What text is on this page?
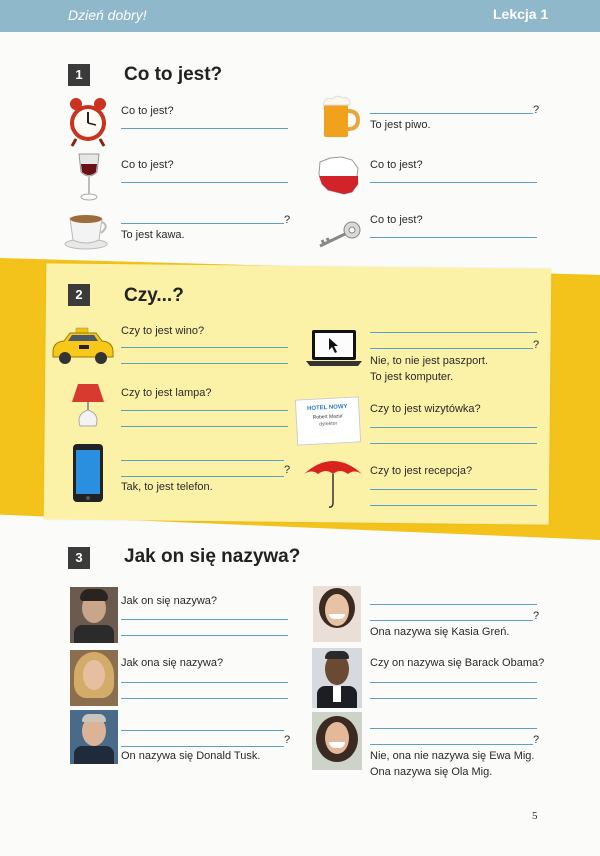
Dzień dobry!	Lekcja 1
1	Co to jest?
Co to jest?
Co to jest?
?
To jest kawa.
?
To jest piwo.
Co to jest?
Co to jest?
2	Czy...?
Czy to jest wino?
Czy to jest lampa?
?
Tak, to jest telefon.
?
Nie, to nie jest paszport.
To jest komputer.
HOTEL NOWY
Robert Mazur
dyrektor
Czy to jest wizytówka?
Czy to jest recepcja?
3	Jak on się nazywa?
Jak on się nazywa?
Jak ona się nazywa?
?
On nazywa się Donald Tusk.
?
Ona nazywa się Kasia Greń.
Czy on nazywa się Barack Obama?
?
Nie, ona nie nazywa się Ewa Mig.
Ona nazywa się Ola Mig.
5
